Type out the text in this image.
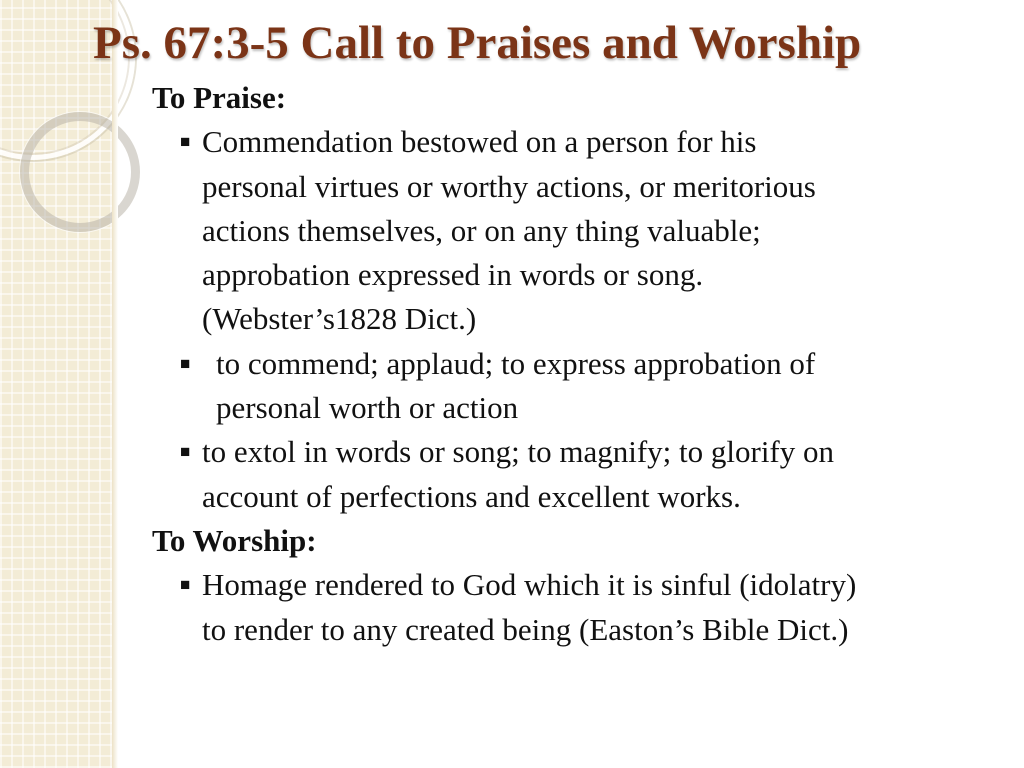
Ps. 67:3-5 Call to Praises and Worship

To Praise:

■ Commendation bestowed on a person for his
personal virtues or worthy actions, or meritorious
actions themselves, or on any thing valuable;
approbation expressed in words or song.
(Webster’s1828 Dict.)
■ to commend; applaud; to express approbation of
personal worth or action
■ to extol in words or song; to magnify; to glorify on
account of perfections and excellent works.

To Worship:

■ Homage rendered to God which it is sinful (idolatry)
to render to any created being (Easton’s Bible Dict.)
